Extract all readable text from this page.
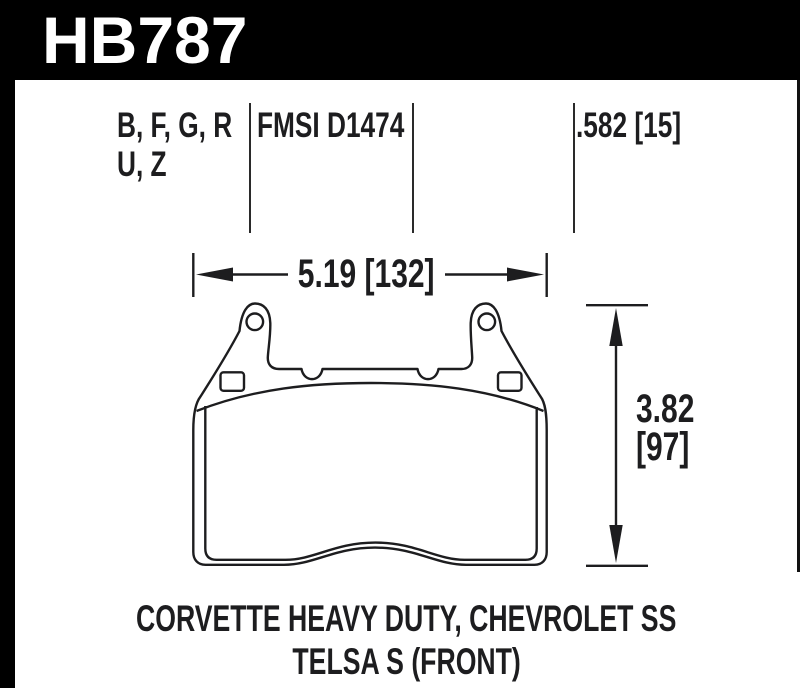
HB787
B, F, G, R
U, Z
FMSI D1474	.582 [15]
5.19 [132]
3.82
[97]
CORVETTE HEAVY DUTY, CHEVROLET SS
TELSA S (FRONT)
